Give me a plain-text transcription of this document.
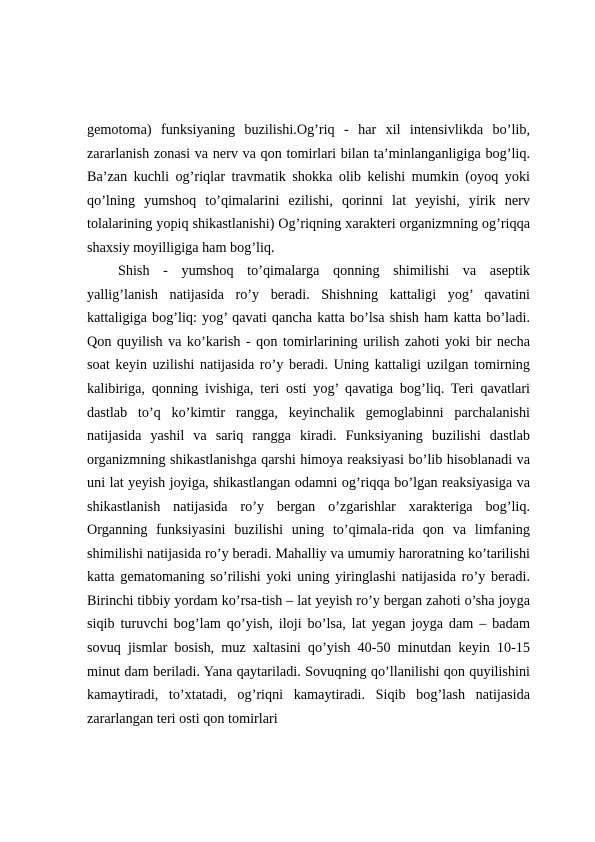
gemotoma) funksiyaning buzilishi.Og’riq - har xil intensivlikda bo’lib, zararlanish zonasi va nerv va qon tomirlari bilan ta’minlanganligiga bog’liq. Ba’zan kuchli og’riqlar travmatik shokka olib kelishi mumkin (oyoq yoki qo’lning yumshoq to’qimalarini ezilishi, qorinni lat yeyishi, yirik nerv tolalarining yopiq shikastlanishi) Og’riqning xarakteri organizmning og’riqqa shaxsiy moyilligiga ham bog’liq.

Shish - yumshoq to’qimalarga qonning shimilishi va aseptik yallig’lanish natijasida ro’y beradi. Shishning kattaligi yog’ qavatini kattaligiga bog’liq: yog’ qavati qancha katta bo’lsa shish ham katta bo’ladi. Qon quyilish va ko’karish - qon tomirlarining urilish zahoti yoki bir necha soat keyin uzilishi natijasida ro’y beradi. Uning kattaligi uzilgan tomirning kalibiriga, qonning ivishiga, teri osti yog’ qavatiga bog’liq. Teri qavatlari dastlab to’q ko’kimtir rangga, keyinchalik gemoglabinni parchalanishi natijasida yashil va sariq rangga kiradi. Funksiyaning buzilishi dastlab organizmning shikastlanishga qarshi himoya reaksiyasi bo’lib hisoblanadi va uni lat yeyish joyiga, shikastlangan odamni og’riqqa bo’lgan reaksiyasiga va shikastlanish natijasida ro’y bergan o’zgarishlar xarakteriga bog’liq. Organning funksiyasini buzilishi uning to’qimala-rida qon va limfaning shimilishi natijasida ro’y beradi. Mahalliy va umumiy haroratning ko’tarilishi katta gematomaning so’rilishi yoki uning yiringlashi natijasida ro’y beradi. Birinchi tibbiy yordam ko’rsa-tish – lat yeyish ro’y bergan zahoti o’sha joyga siqib turuvchi bog’lam qo’yish, iloji bo’lsa, lat yegan joyga dam – badam sovuq jismlar bosish, muz xaltasini qo’yish 40-50 minutdan keyin 10-15 minut dam beriladi. Yana qaytariladi. Sovuqning qo’llanilishi qon quyilishini kamaytiradi, to’xtatadi, og’riqni kamaytiradi. Siqib bog’lash natijasida zararlangan teri osti qon tomirlari
